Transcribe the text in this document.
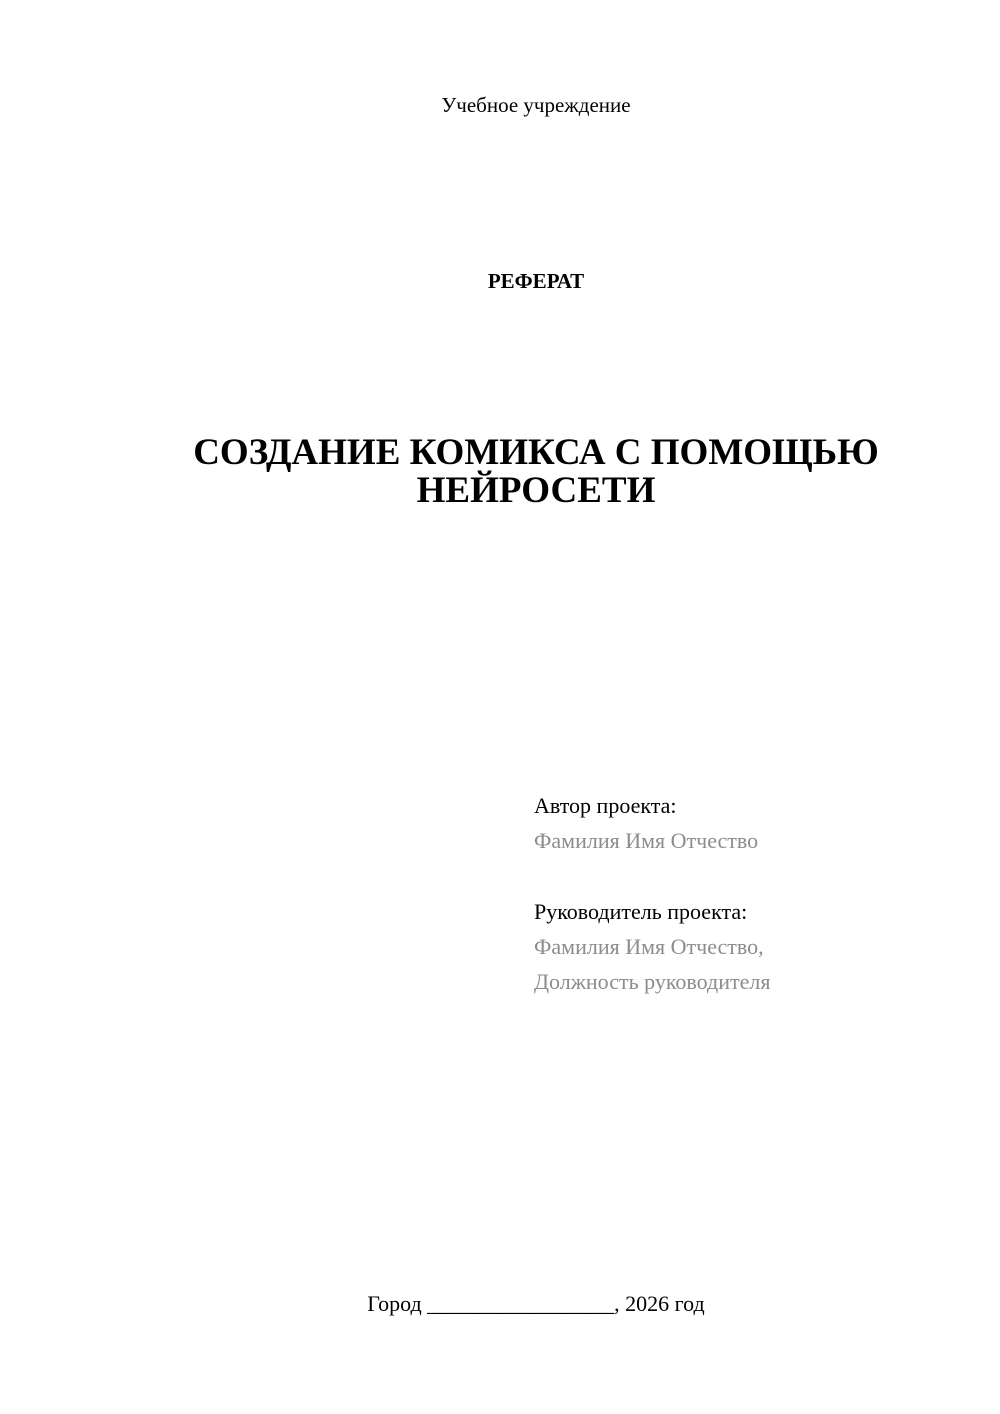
Учебное учреждение
РЕФЕРАТ
СОЗДАНИЕ КОМИКСА С ПОМОЩЬЮ
НЕЙРОСЕТИ
Автор проекта:
Фамилия Имя Отчество
Руководитель проекта:
Фамилия Имя Отчество,
Должность руководителя
Город _________________, 2026 год
